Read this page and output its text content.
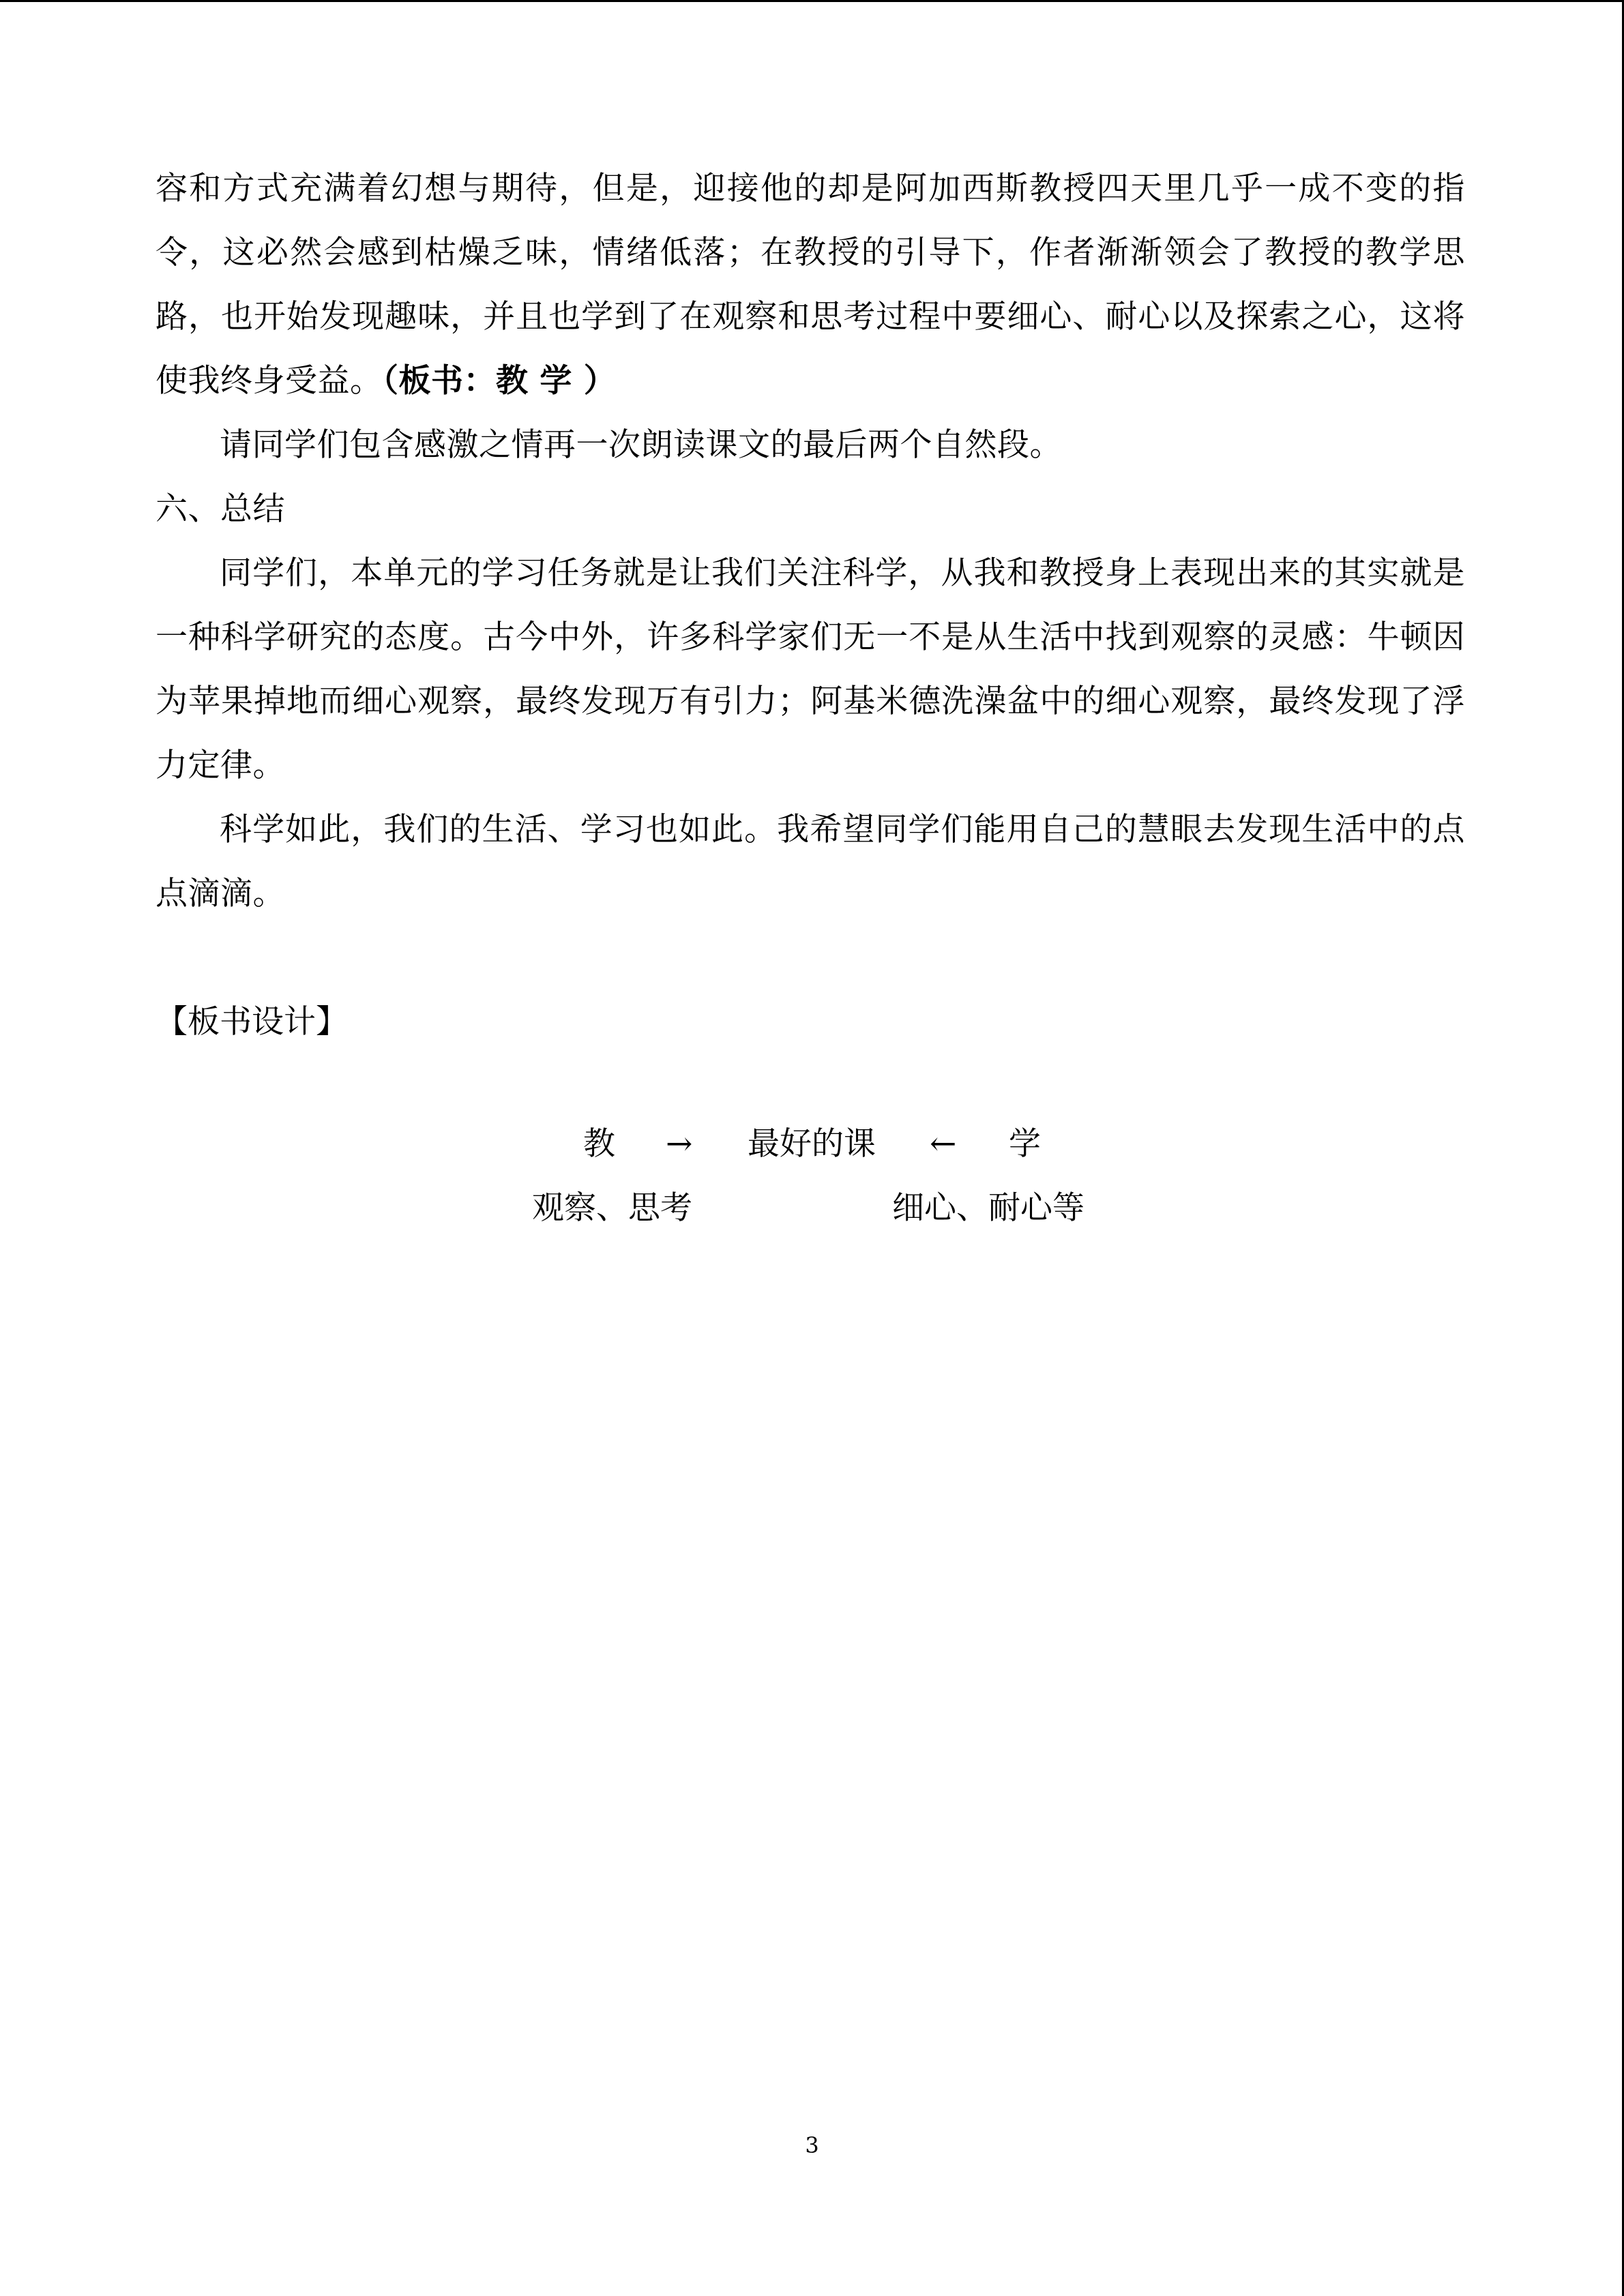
容和方式充满着幻想与期待，但是，迎接他的却是阿加西斯教授四天里几乎一成不变的指
令，这必然会感到枯燥乏味，情绪低落；在教授的引导下，作者渐渐领会了教授的教学思
路，也开始发现趣味，并且也学到了在观察和思考过程中要细心、耐心以及探索之心，这将
使我终身受益。（板书：教 学 ）
请同学们包含感激之情再一次朗读课文的最后两个自然段。
六、总结
同学们，本单元的学习任务就是让我们关注科学，从我和教授身上表现出来的其实就是
一种科学研究的态度。古今中外，许多科学家们无一不是从生活中找到观察的灵感：牛顿因
为苹果掉地而细心观察，最终发现万有引力；阿基米德洗澡盆中的细心观察，最终发现了浮
力定律。
科学如此，我们的生活、学习也如此。我希望同学们能用自己的慧眼去发现生活中的点
点滴滴。
【板书设计】
教 → 最好的课 ← 学
观察、思考	细心、耐心等
3
